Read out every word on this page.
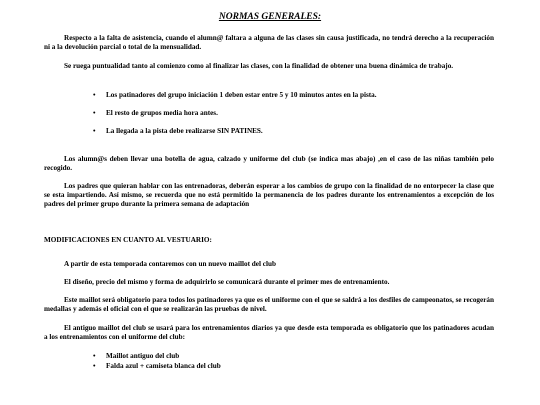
NORMAS GENERALES:
Respecto a la falta de asistencia, cuando el alumn@ faltara a alguna de las clases sin causa justificada, no tendrá derecho a la recuperación ni a la devolución parcial o total de la mensualidad.
Se ruega puntualidad tanto al comienzo como al finalizar las clases, con la finalidad de obtener una buena dinámica de trabajo.
•	Los patinadores del grupo iniciación 1 deben estar entre 5 y 10 minutos antes en la pista.
•	El resto de grupos media hora antes.
•	La llegada a la pista debe realizarse SIN PATINES.
Los alumn@s deben llevar una botella de agua, calzado y uniforme del club (se indica mas abajo) ,en el caso de las niñas también pelo recogido.
Los padres que quieran hablar con las entrenadoras, deberán esperar a los cambios de grupo con la finalidad de no entorpecer la clase que se esta impartiendo. Así mismo, se recuerda que no está permitido la permanencia de los padres durante los entrenamientos a excepción de los padres del primer grupo durante la primera semana de adaptación
MODIFICACIONES EN CUANTO AL VESTUARIO:
A partir de esta temporada contaremos con un nuevo maillot del club
El diseño, precio del mismo y forma de adquirirlo se comunicará durante el primer mes de entrenamiento.
Este maillot será obligatorio para todos los patinadores ya que es el uniforme con el que se saldrá a los desfiles de campeonatos, se recogerán medallas y además el oficial con el que se realizarán las pruebas de nivel.
El antiguo maillot del club se usará para los entrenamientos diarios ya que desde esta temporada es obligatorio que los patinadores acudan a los entrenamientos con el uniforme del club:
•	Maillot antiguo del club
•	Falda azul + camiseta blanca del club
